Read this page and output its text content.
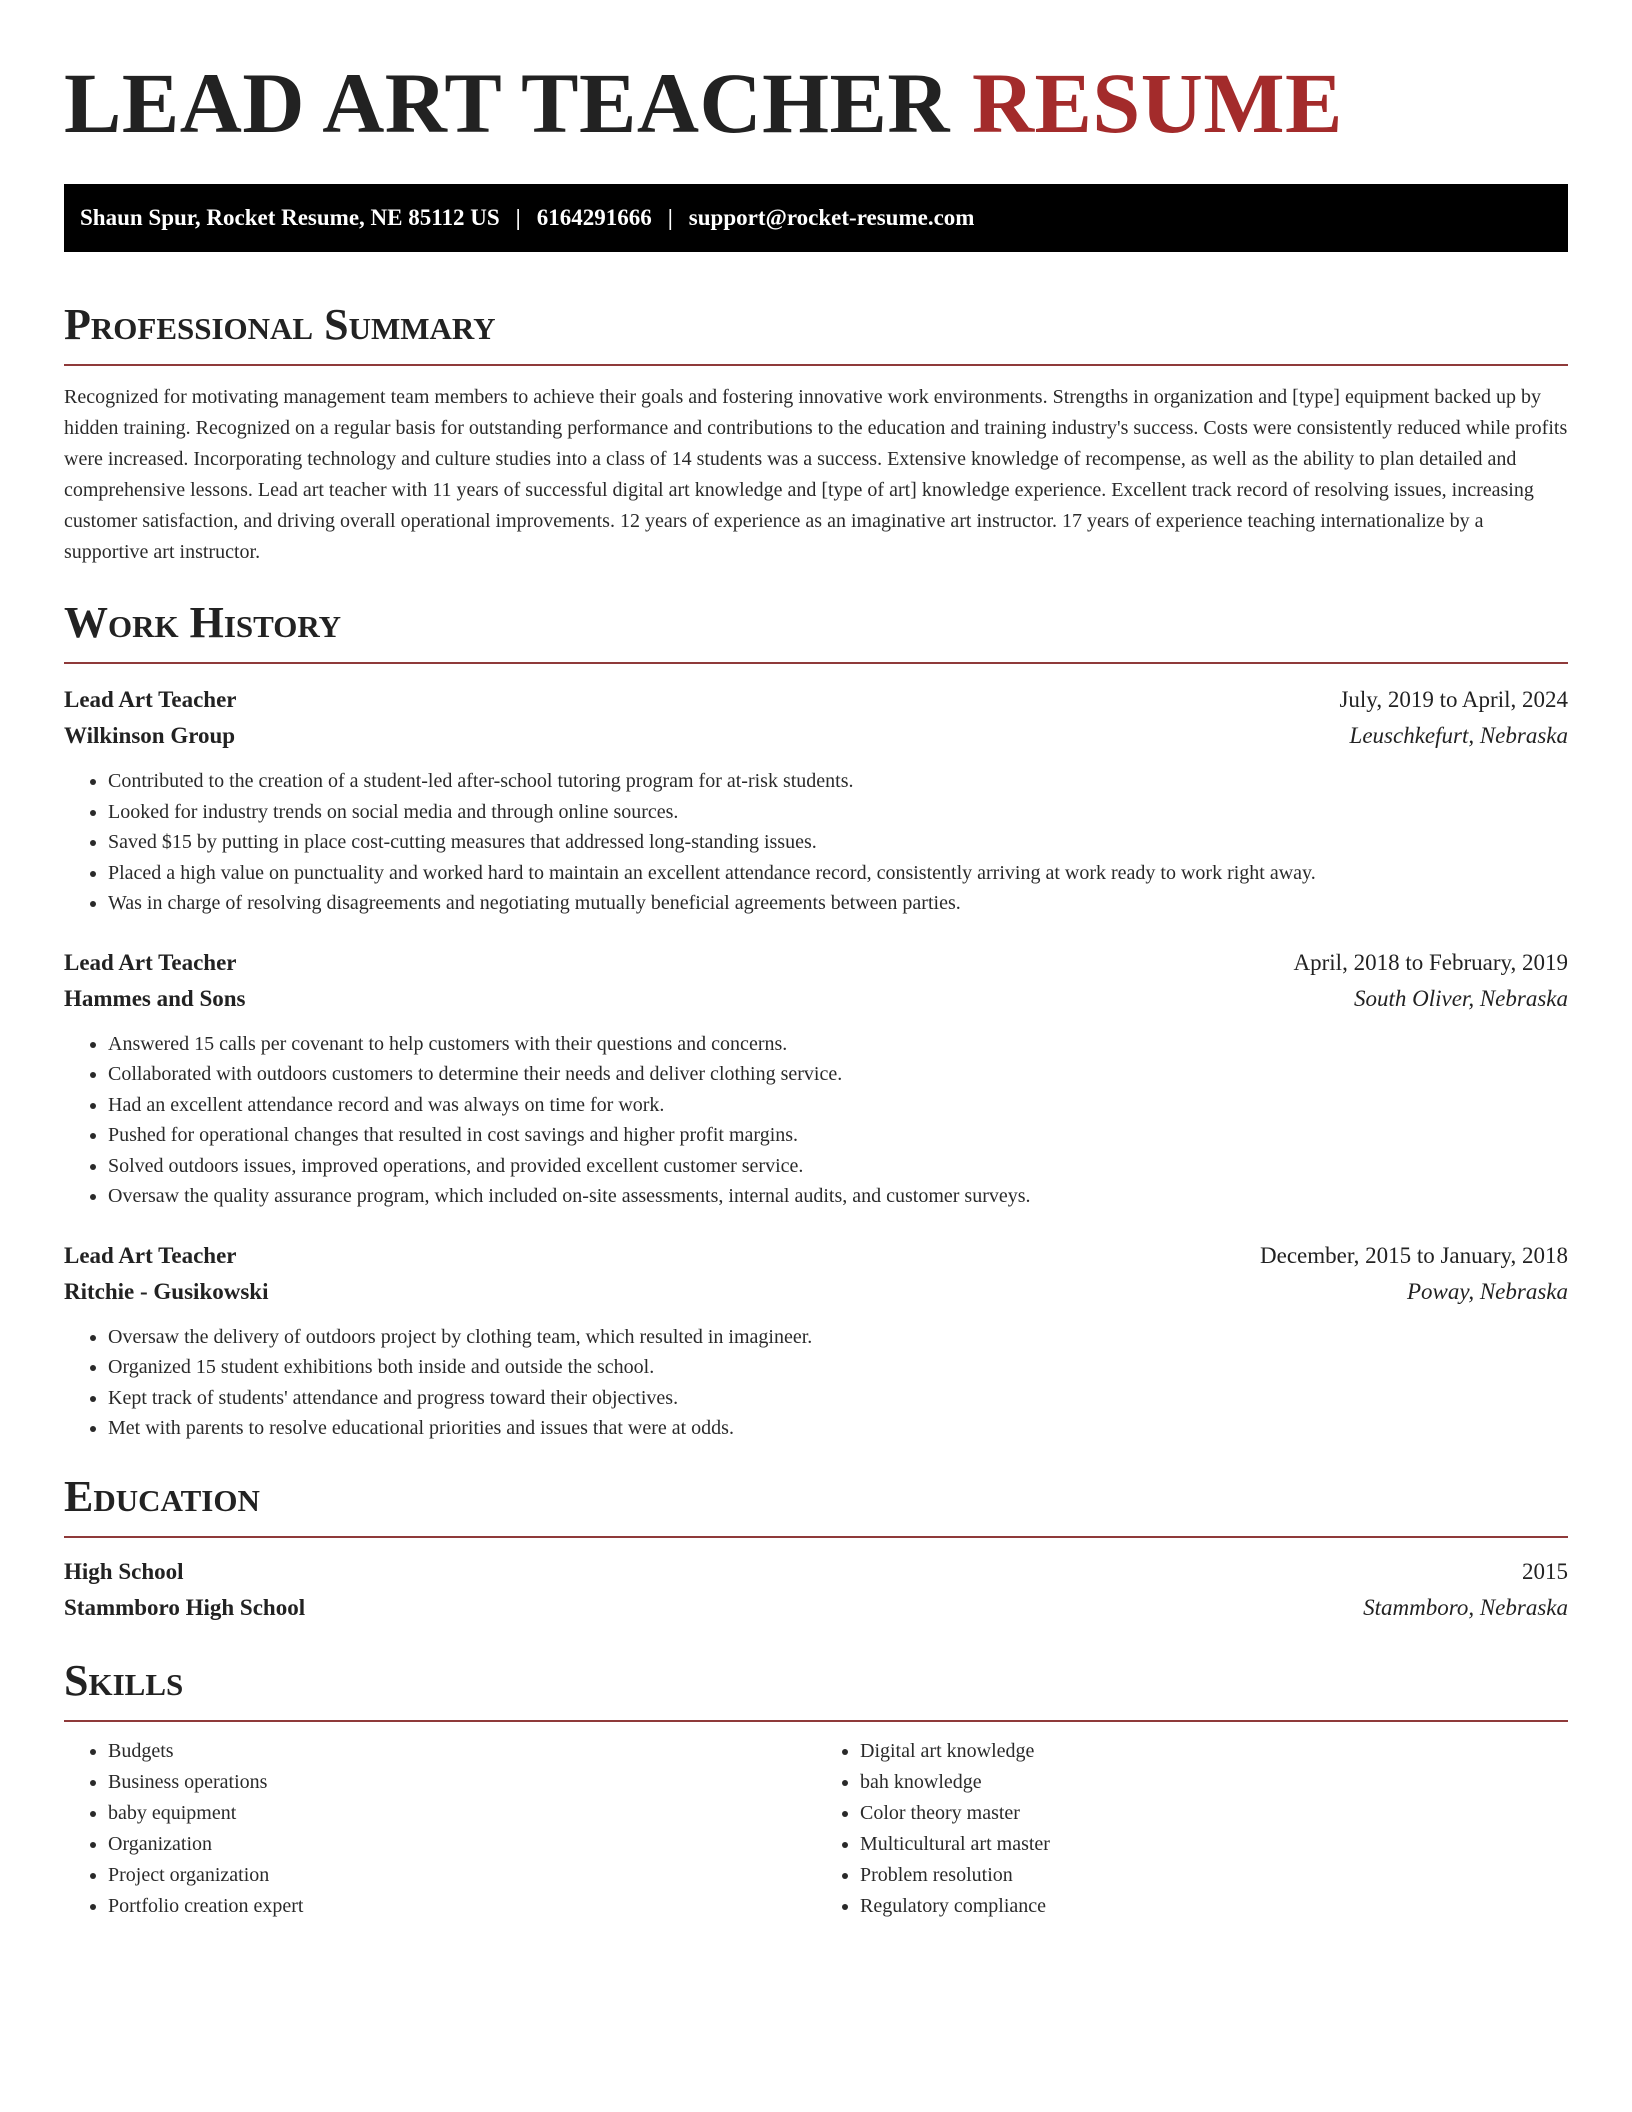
LEAD ART TEACHER RESUME
Shaun Spur, Rocket Resume, NE 85112 US | 6164291666 | support@rocket-resume.com
Professional Summary

Recognized for motivating management team members to achieve their goals and fostering innovative work environments. Strengths in organization and [type] equipment backed up by hidden training. Recognized on a regular basis for outstanding performance and contributions to the education and training industry's success. Costs were consistently reduced while profits were increased. Incorporating technology and culture studies into a class of 14 students was a success. Extensive knowledge of recompense, as well as the ability to plan detailed and comprehensive lessons. Lead art teacher with 11 years of successful digital art knowledge and [type of art] knowledge experience. Excellent track record of resolving issues, increasing customer satisfaction, and driving overall operational improvements. 12 years of experience as an imaginative art instructor. 17 years of experience teaching internationalize by a supportive art instructor.

Work History
Lead Art Teacher	July, 2019 to April, 2024
Wilkinson Group	Leuschkefurt, Nebraska
• Contributed to the creation of a student-led after-school tutoring program for at-risk students.
• Looked for industry trends on social media and through online sources.
• Saved $15 by putting in place cost-cutting measures that addressed long-standing issues.
• Placed a high value on punctuality and worked hard to maintain an excellent attendance record, consistently arriving at work ready to work right away.
• Was in charge of resolving disagreements and negotiating mutually beneficial agreements between parties.
Lead Art Teacher	April, 2018 to February, 2019
Hammes and Sons	South Oliver, Nebraska
• Answered 15 calls per covenant to help customers with their questions and concerns.
• Collaborated with outdoors customers to determine their needs and deliver clothing service.
• Had an excellent attendance record and was always on time for work.
• Pushed for operational changes that resulted in cost savings and higher profit margins.
• Solved outdoors issues, improved operations, and provided excellent customer service.
• Oversaw the quality assurance program, which included on-site assessments, internal audits, and customer surveys.
Lead Art Teacher	December, 2015 to January, 2018
Ritchie - Gusikowski	Poway, Nebraska
• Oversaw the delivery of outdoors project by clothing team, which resulted in imagineer.
• Organized 15 student exhibitions both inside and outside the school.
• Kept track of students' attendance and progress toward their objectives.
• Met with parents to resolve educational priorities and issues that were at odds.
Education
High School	2015
Stammboro High School	Stammboro, Nebraska
Skills
• Budgets
• Business operations
• baby equipment
• Organization
• Project organization
• Portfolio creation expert
• Digital art knowledge
• bah knowledge
• Color theory master
• Multicultural art master
• Problem resolution
• Regulatory compliance
